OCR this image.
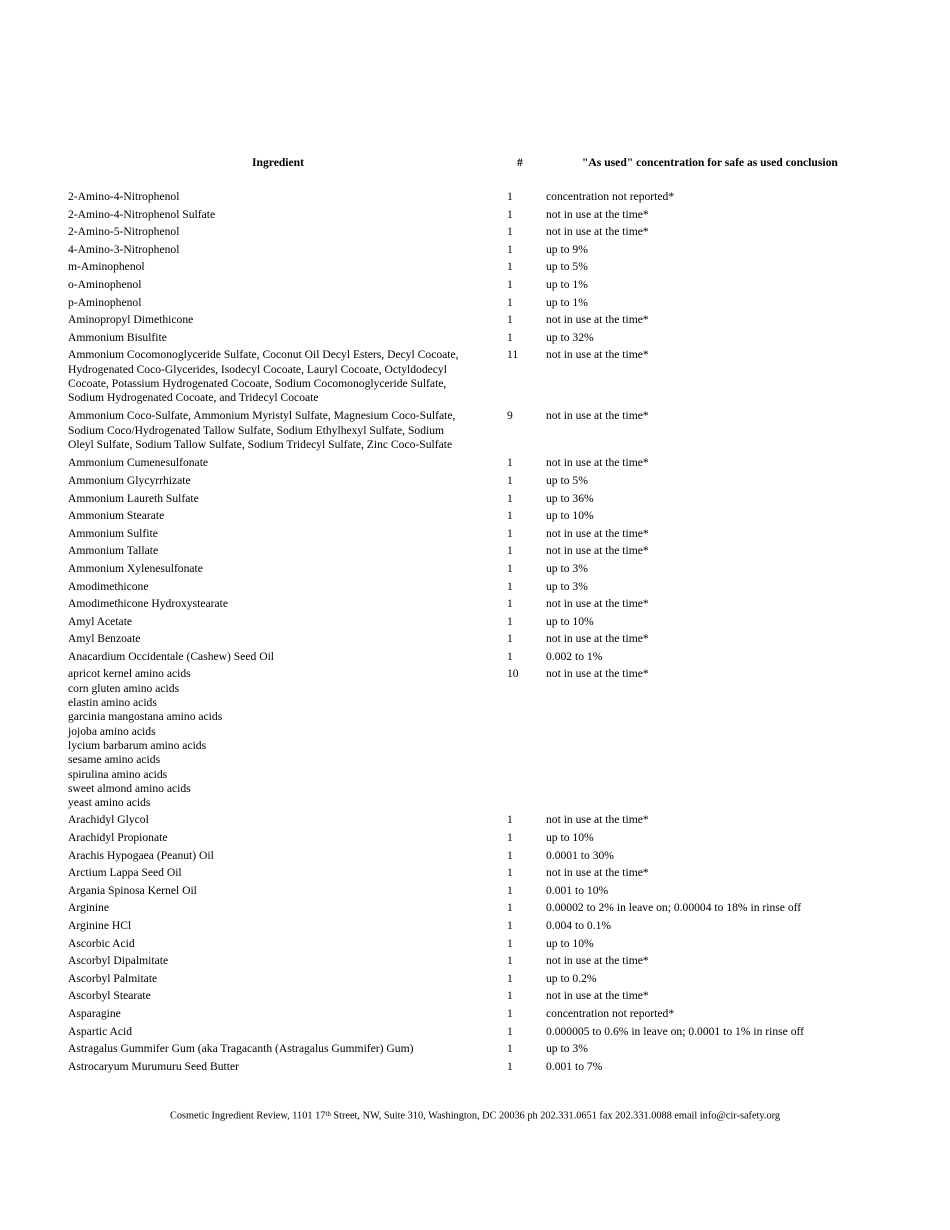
Ingredient	#	"As used" concentration for safe as used conclusion
2-Amino-4-Nitrophenol	1	concentration not reported*
2-Amino-4-Nitrophenol Sulfate	1	not in use at the time*
2-Amino-5-Nitrophenol	1	not in use at the time*
4-Amino-3-Nitrophenol	1	up to 9%
m-Aminophenol	1	up to 5%
o-Aminophenol	1	up to 1%
p-Aminophenol	1	up to 1%
Aminopropyl Dimethicone	1	not in use at the time*
Ammonium Bisulfite	1	up to 32%
Ammonium Cocomonoglyceride Sulfate, Coconut Oil Decyl Esters, Decyl Cocoate,
Hydrogenated Coco-Glycerides, Isodecyl Cocoate, Lauryl Cocoate, Octyldodecyl
Cocoate, Potassium Hydrogenated Cocoate, Sodium Cocomonoglyceride Sulfate,
Sodium Hydrogenated Cocoate, and Tridecyl Cocoate
11 not in use at the time*
Ammonium Coco-Sulfate, Ammonium Myristyl Sulfate, Magnesium Coco-Sulfate,
Sodium Coco/Hydrogenated Tallow Sulfate, Sodium Ethylhexyl Sulfate, Sodium
Oleyl Sulfate, Sodium Tallow Sulfate, Sodium Tridecyl Sulfate, Zinc Coco-Sulfate
9	not in use at the time*
Ammonium Cumenesulfonate	1	not in use at the time*
Ammonium Glycyrrhizate	1	up to 5%
Ammonium Laureth Sulfate	1	up to 36%
Ammonium Stearate	1	up to 10%
Ammonium Sulfite	1	not in use at the time*
Ammonium Tallate	1	not in use at the time*
Ammonium Xylenesulfonate	1	up to 3%
Amodimethicone	1	up to 3%
Amodimethicone Hydroxystearate	1	not in use at the time*
Amyl Acetate	1	up to 10%
Amyl Benzoate	1	not in use at the time*
Anacardium Occidentale (Cashew) Seed Oil	1	0.002 to 1%
apricot kernel amino acids
corn gluten amino acids
elastin amino acids
garcinia mangostana amino acids
jojoba amino acids
lycium barbarum amino acids
sesame amino acids
spirulina amino acids
sweet almond amino acids
yeast amino acids
10 not in use at the time*
Arachidyl Glycol	1	not in use at the time*
Arachidyl Propionate	1	up to 10%
Arachis Hypogaea (Peanut) Oil	1	0.0001 to 30%
Arctium Lappa Seed Oil	1	not in use at the time*
Argania Spinosa Kernel Oil	1	0.001 to 10%
Arginine	1	0.00002 to 2% in leave on; 0.00004 to 18% in rinse off
Arginine HCl	1	0.004 to 0.1%
Ascorbic Acid	1	up to 10%
Ascorbyl Dipalmitate	1	not in use at the time*
Ascorbyl Palmitate	1	up to 0.2%
Ascorbyl Stearate	1	not in use at the time*
Asparagine	1	concentration not reported*
Aspartic Acid	1	0.000005 to 0.6% in leave on; 0.0001 to 1% in rinse off
Astragalus Gummifer Gum (aka Tragacanth (Astragalus Gummifer) Gum)	1	up to 3%
Astrocaryum Murumuru Seed Butter	1	0.001 to 7%
Cosmetic Ingredient Review, 1101 17th Street, NW, Suite 310, Washington, DC 20036 ph 202.331.0651 fax 202.331.0088 email info@cir-safety.org
